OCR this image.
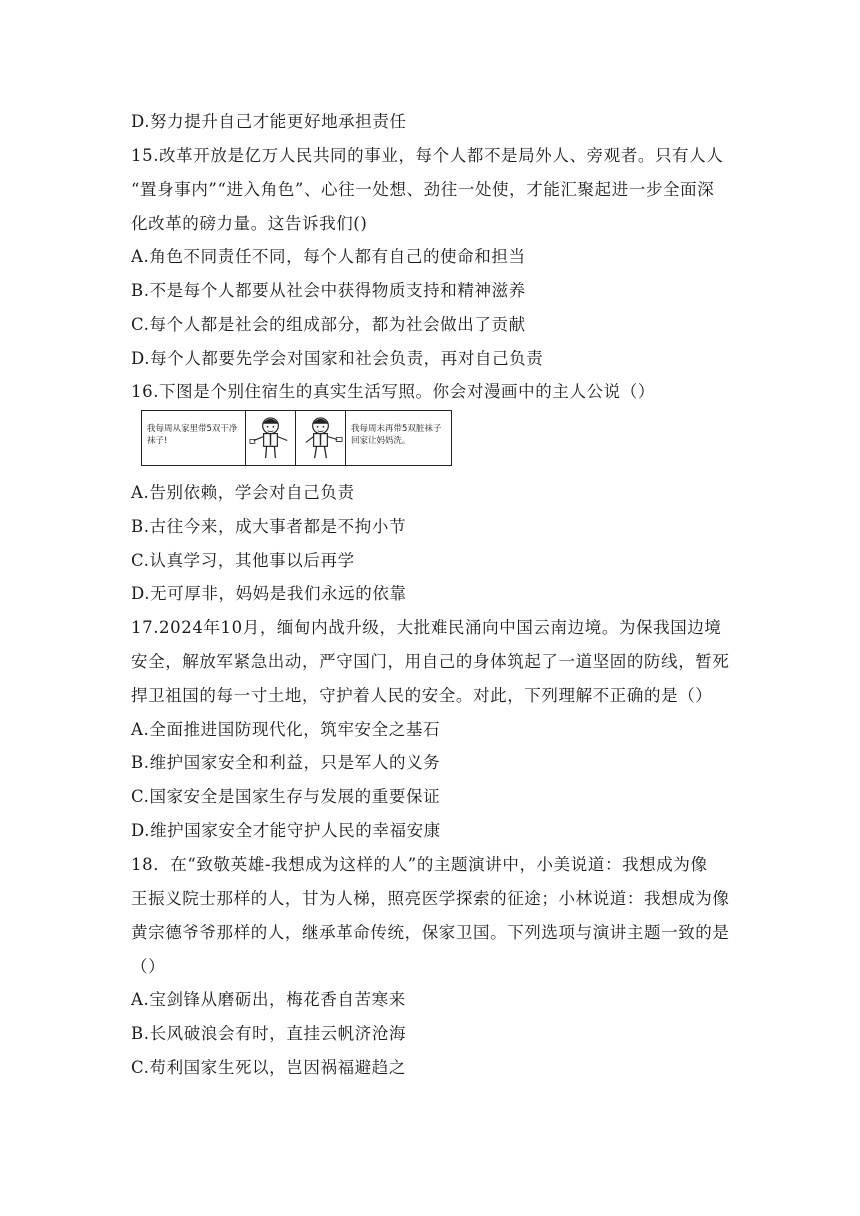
D.努力提升自己才能更好地承担责任
15.改革开放是亿万人民共同的事业，每个人都不是局外人、旁观者。只有人人
“置身事内”“进入角色”、心往一处想、劲往一处使，才能汇聚起进一步全面深
化改革的磅力量。这告诉我们()
A.角色不同责任不同，每个人都有自己的使命和担当
B.不是每个人都要从社会中获得物质支持和精神滋养
C.每个人都是社会的组成部分，都为社会做出了贡献
D.每个人都要先学会对国家和社会负责，再对自己负责
16.下图是个别住宿生的真实生活写照。你会对漫画中的主人公说（）
我每周从家里带5双干净袜子!
我每周末再带5双脏袜子回家让妈妈洗。
A.告别依赖，学会对自己负责
B.古往今来，成大事者都是不拘小节
C.认真学习，其他事以后再学
D.无可厚非，妈妈是我们永远的依靠
17.2024年10月，缅甸内战升级，大批难民涌向中国云南边境。为保我国边境
安全，解放军紧急出动，严守国门，用自己的身体筑起了一道坚固的防线，暂死
捍卫祖国的每一寸土地，守护着人民的安全。对此，下列理解不正确的是（）
A.全面推进国防现代化，筑牢安全之基石
B.维护国家安全和利益，只是军人的义务
C.国家安全是国家生存与发展的重要保证
D.维护国家安全才能守护人民的幸福安康
18．在“致敬英雄-我想成为这样的人”的主题演讲中，小美说道：我想成为像
王振义院士那样的人，甘为人梯，照亮医学探索的征途；小林说道：我想成为像
黄宗德爷爷那样的人，继承革命传统，保家卫国。下列选项与演讲主题一致的是
（）
A.宝剑锋从磨砺出，梅花香自苦寒来
B.长风破浪会有时，直挂云帆济沧海
C.苟利国家生死以，岂因祸福避趋之
